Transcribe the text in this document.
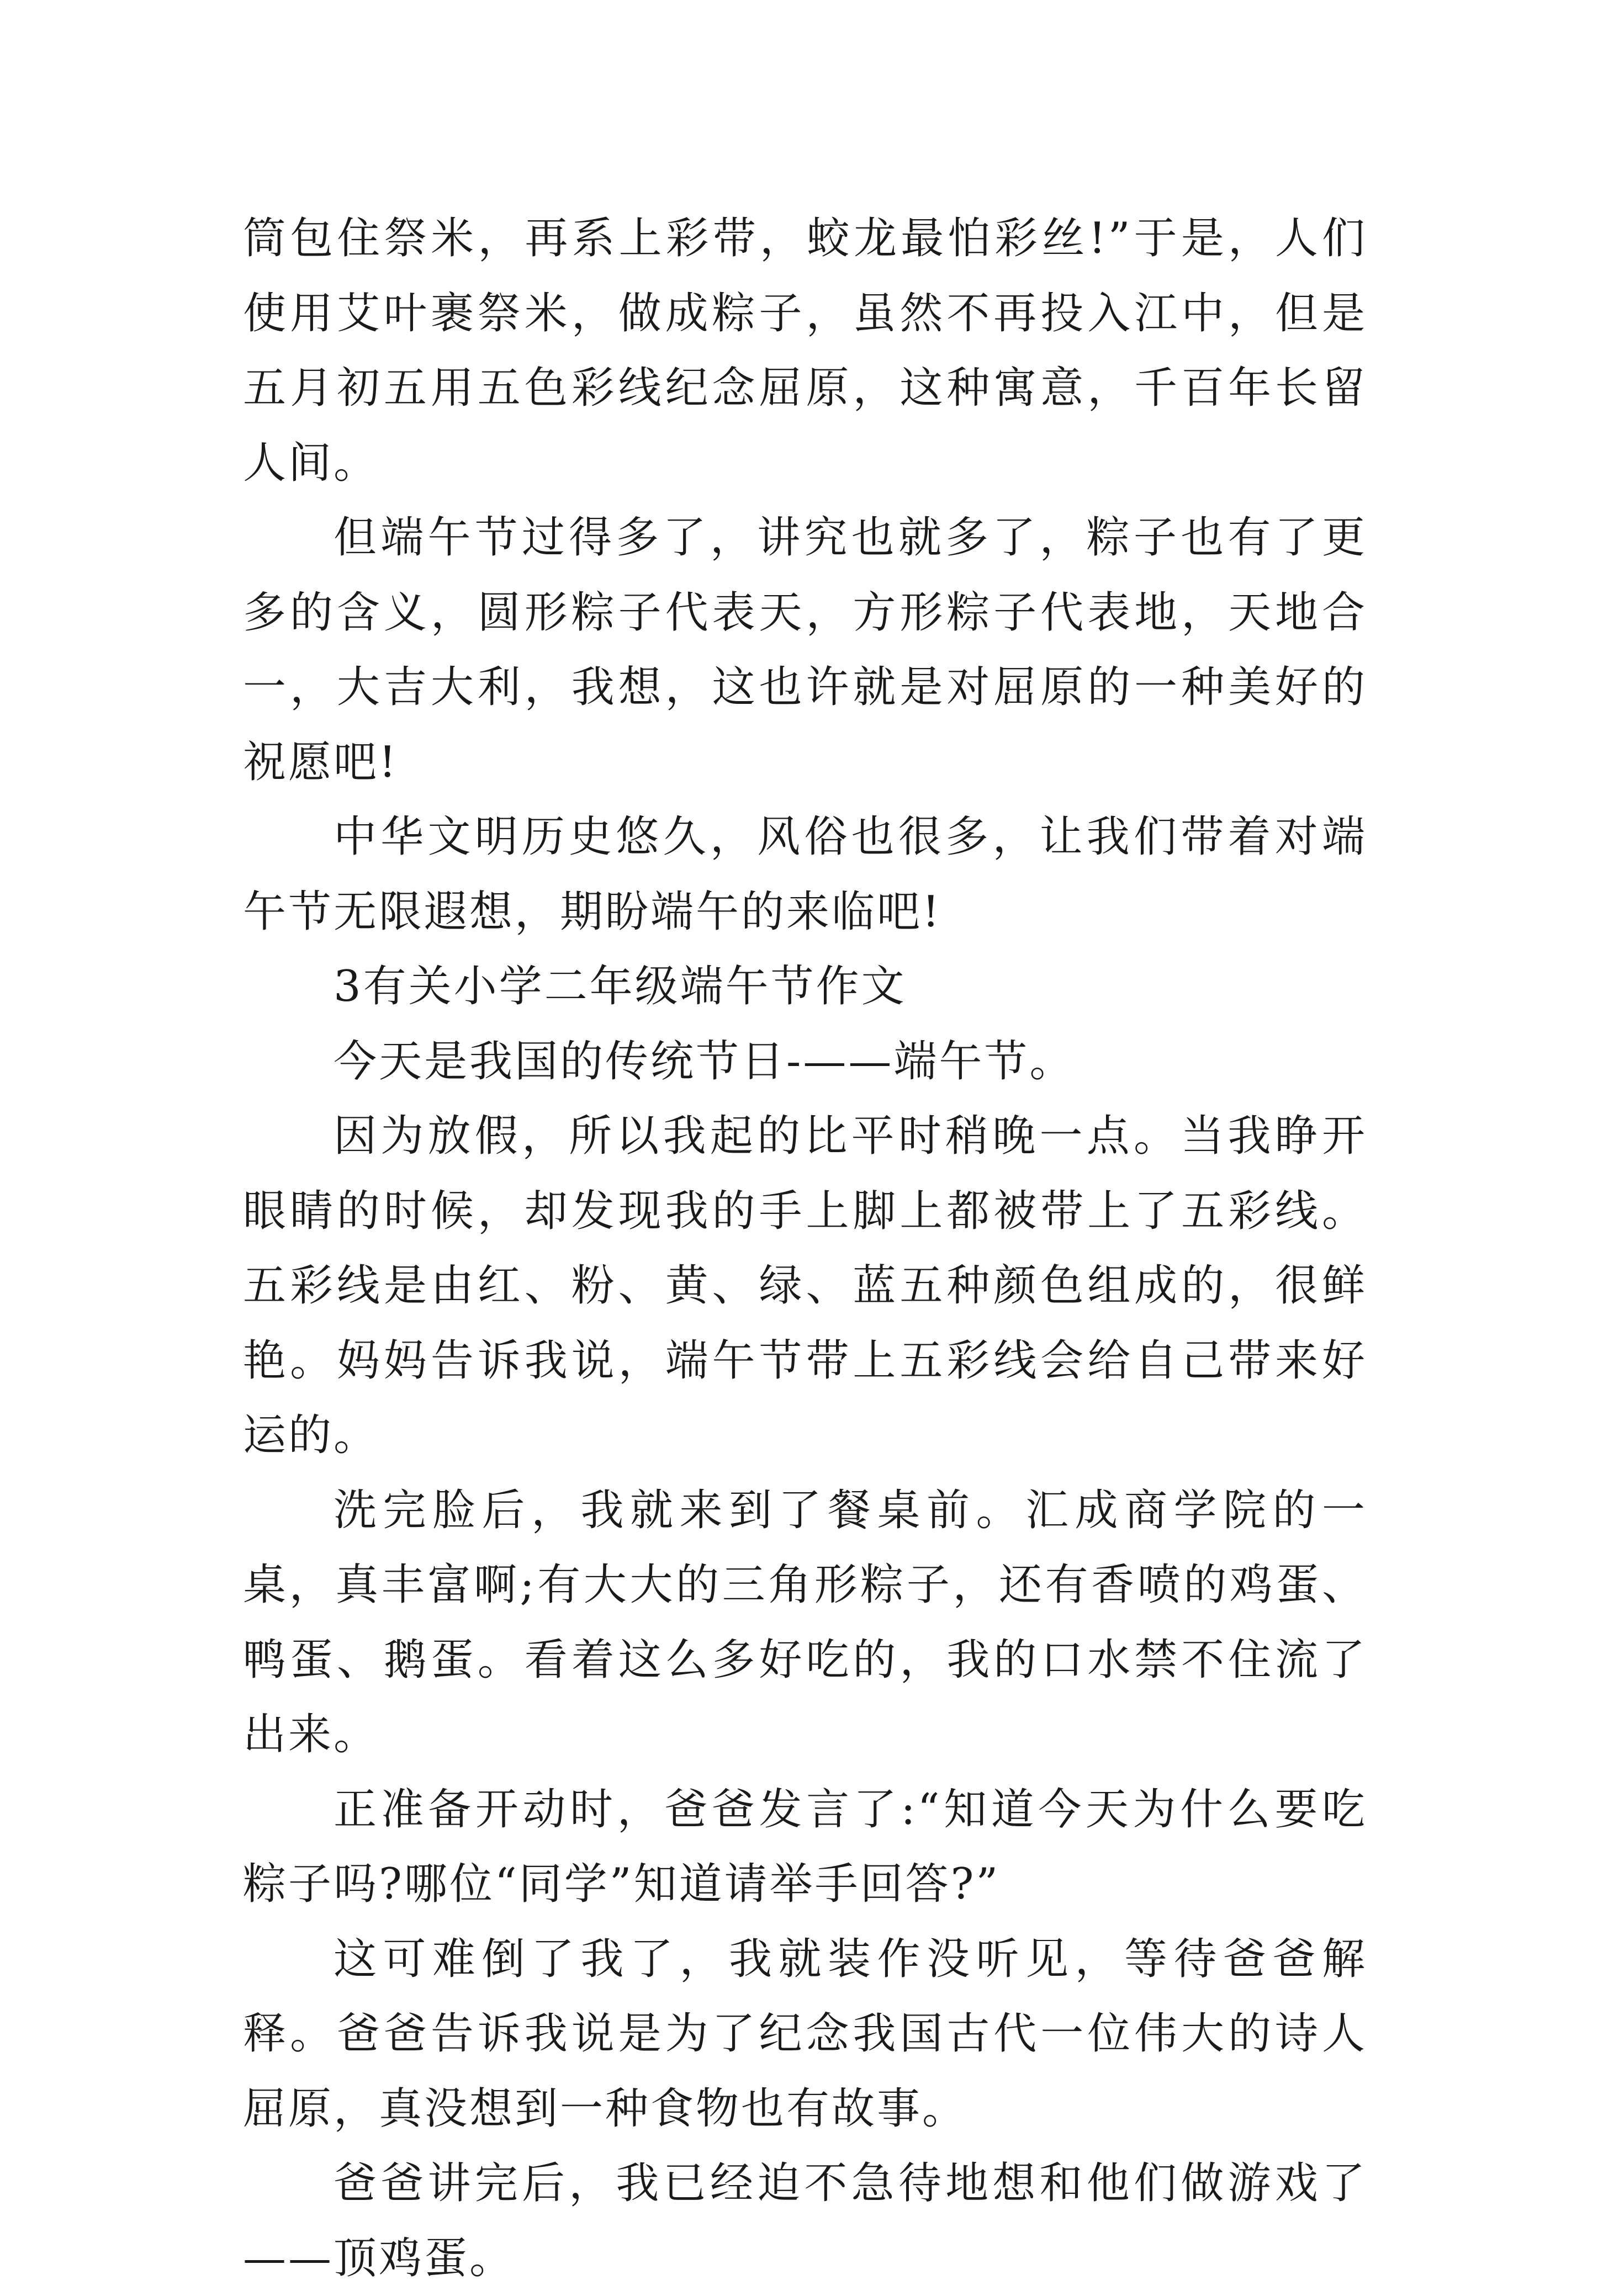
筒包住祭米，再系上彩带，蛟龙最怕彩丝!”于是，人们使用艾叶裹祭米，做成粽子，虽然不再投入江中，但是五月初五用五色彩线纪念屈原，这种寓意，千百年长留人间。

但端午节过得多了，讲究也就多了，粽子也有了更多的含义，圆形粽子代表天，方形粽子代表地，天地合一，大吉大利，我想，这也许就是对屈原的一种美好的祝愿吧!

中华文明历史悠久，风俗也很多，让我们带着对端午节无限遐想，期盼端午的来临吧!

3有关小学二年级端午节作文

今天是我国的传统节日-——端午节。

因为放假，所以我起的比平时稍晚一点。当我睁开眼睛的时候，却发现我的手上脚上都被带上了五彩线。五彩线是由红、粉、黄、绿、蓝五种颜色组成的，很鲜艳。妈妈告诉我说，端午节带上五彩线会给自己带来好运的。

洗完脸后，我就来到了餐桌前。汇成商学院的一桌，真丰富啊;有大大的三角形粽子，还有香喷的鸡蛋、鸭蛋、鹅蛋。看着这么多好吃的，我的口水禁不住流了出来。

正准备开动时，爸爸发言了:“知道今天为什么要吃粽子吗?哪位“同学”知道请举手回答?”

这可难倒了我了，我就装作没听见，等待爸爸解释。爸爸告诉我说是为了纪念我国古代一位伟大的诗人屈原，真没想到一种食物也有故事。

爸爸讲完后，我已经迫不急待地想和他们做游戏了——顶鸡蛋。
